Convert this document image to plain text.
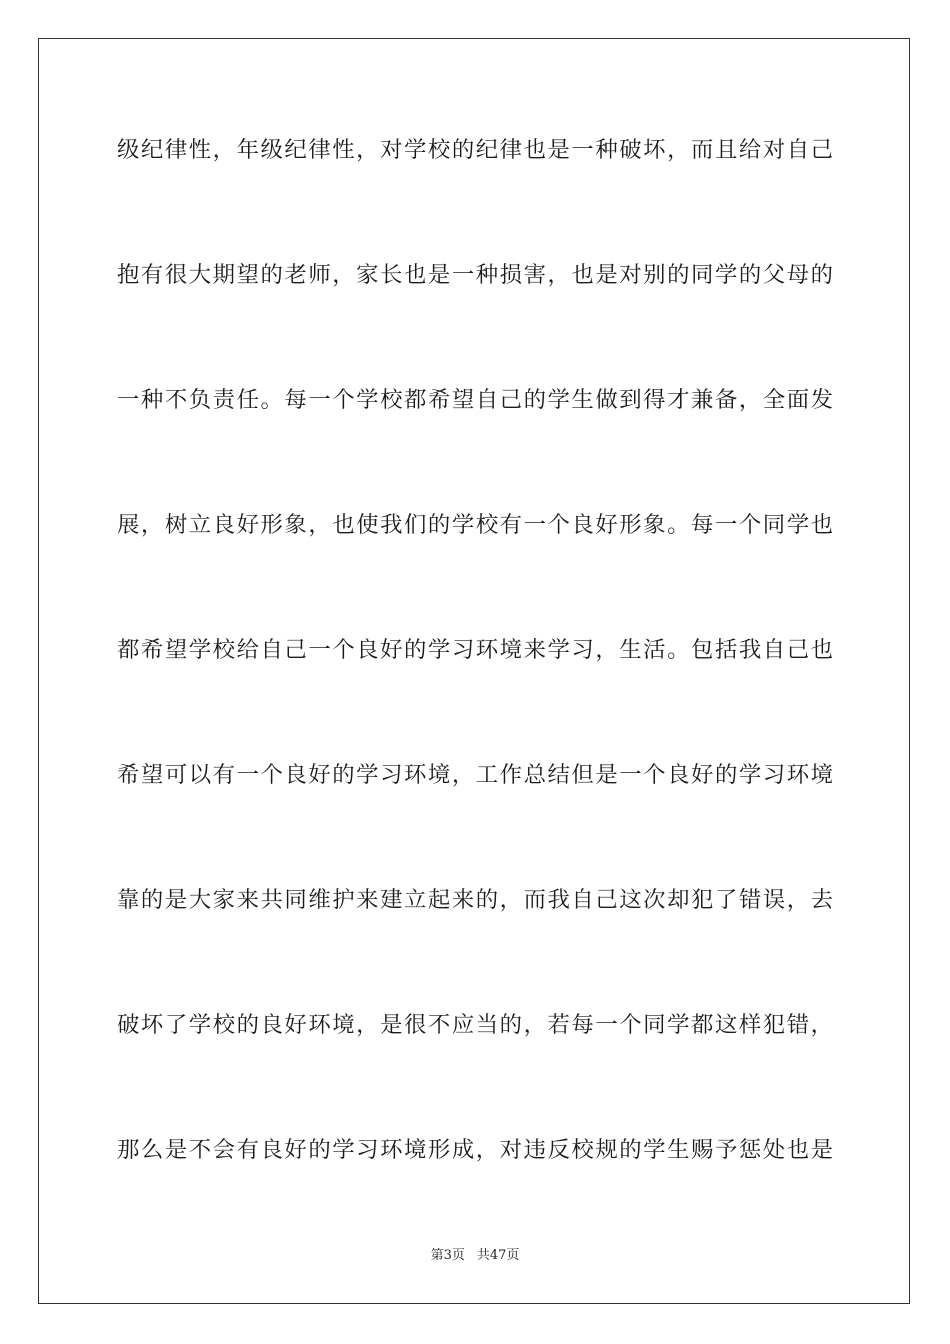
级纪律性，年级纪律性，对学校的纪律也是一种破坏，而且给对自己
抱有很大期望的老师，家长也是一种损害，也是对别的同学的父母的
一种不负责任。每一个学校都希望自己的学生做到得才兼备，全面发
展，树立良好形象，也使我们的学校有一个良好形象。每一个同学也
都希望学校给自己一个良好的学习环境来学习，生活。包括我自己也
希望可以有一个良好的学习环境，工作总结但是一个良好的学习环境
靠的是大家来共同维护来建立起来的，而我自己这次却犯了错误，去
破坏了学校的良好环境，是很不应当的，若每一个同学都这样犯错，
那么是不会有良好的学习环境形成，对违反校规的学生赐予惩处也是
第3页 共47页
